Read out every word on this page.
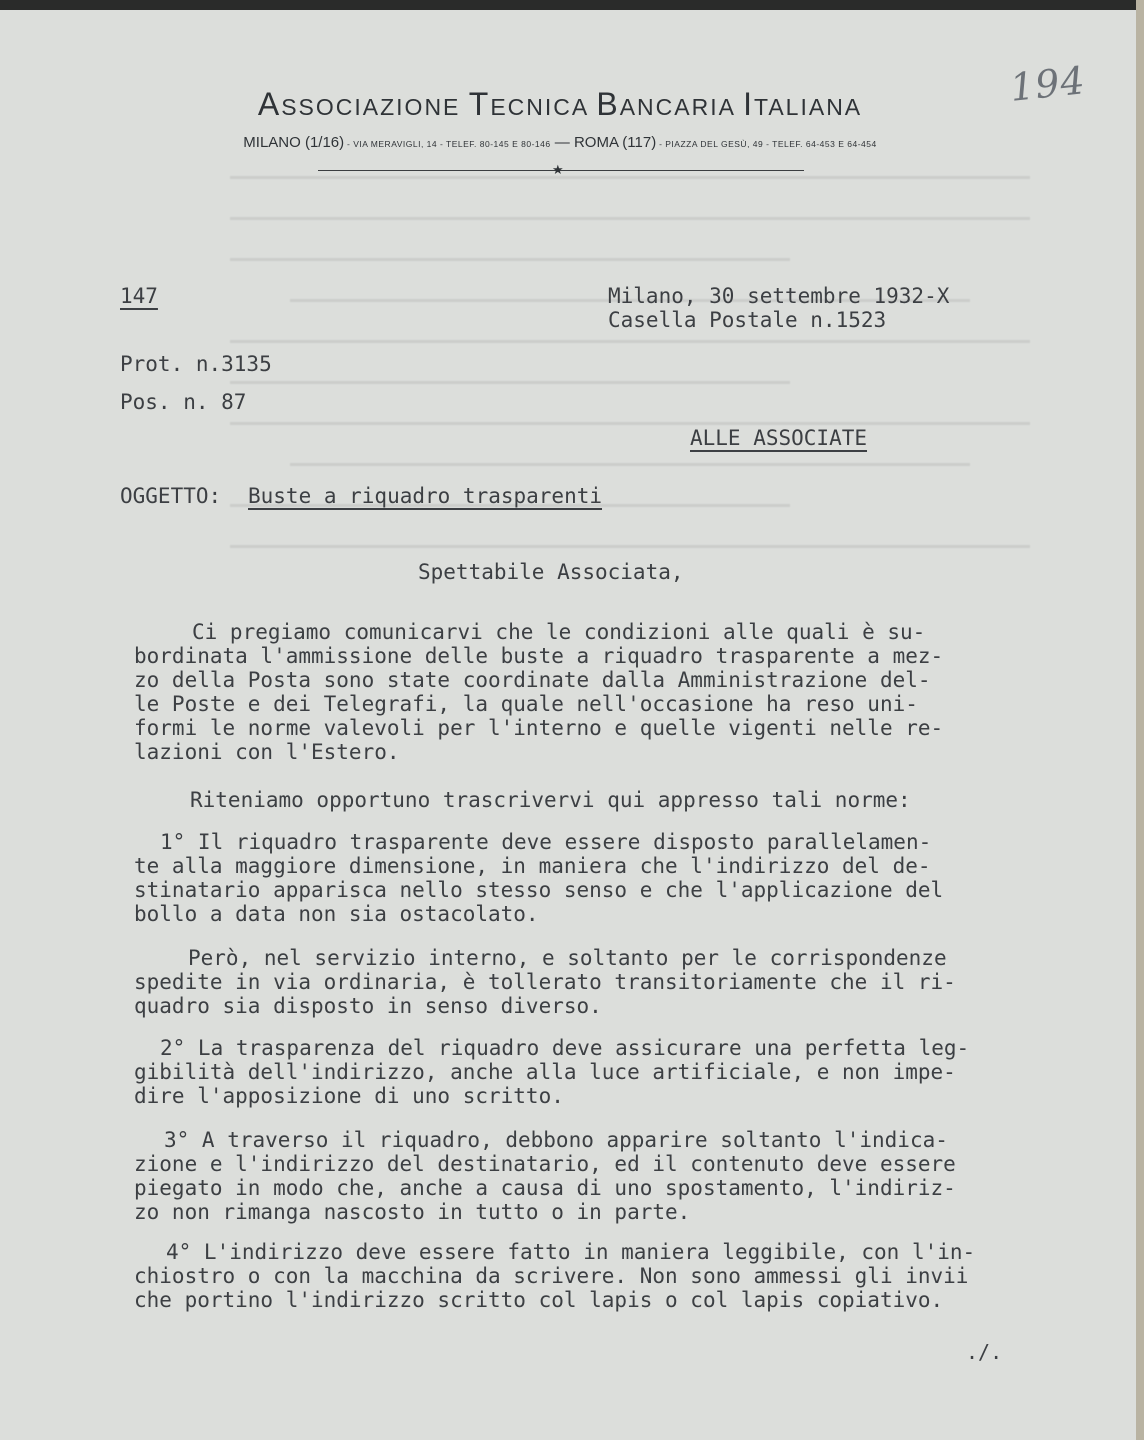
194
ASSOCIAZIONE TECNICA BANCARIA ITALIANA
MILANO (1/16) - VIA MERAVIGLI, 14 - TELEF. 80-145 E 80-146 — ROMA (117) - PIAZZA DEL GESÙ, 49 - TELEF. 64-453 E 64-454
★
147	Milano, 30 settembre 1932-X
Casella Postale n.1523
Prot. n.3135
Pos. n. 87
ALLE ASSOCIATE
OGGETTO: Buste a riquadro trasparenti
Spettabile Associata,
Ci pregiamo comunicarvi che le condizioni alle quali è su-
bordinata l'ammissione delle buste a riquadro trasparente a mez-
zo della Posta sono state coordinate dalla Amministrazione del-
le Poste e dei Telegrafi, la quale nell'occasione ha reso uni-
formi le norme valevoli per l'interno e quelle vigenti nelle re-
lazioni con l'Estero.
Riteniamo opportuno trascrivervi qui appresso tali norme:
1° Il riquadro trasparente deve essere disposto parallelamen-
te alla maggiore dimensione, in maniera che l'indirizzo del de-
stinatario apparisca nello stesso senso e che l'applicazione del
bollo a data non sia ostacolato.
Però, nel servizio interno, e soltanto per le corrispondenze
spedite in via ordinaria, è tollerato transitoriamente che il ri-
quadro sia disposto in senso diverso.
2° La trasparenza del riquadro deve assicurare una perfetta leg-
gibilità dell'indirizzo, anche alla luce artificiale, e non impe-
dire l'apposizione di uno scritto.
3° A traverso il riquadro, debbono apparire soltanto l'indica-
zione e l'indirizzo del destinatario, ed il contenuto deve essere
piegato in modo che, anche a causa di uno spostamento, l'indiriz-
zo non rimanga nascosto in tutto o in parte.
4° L'indirizzo deve essere fatto in maniera leggibile, con l'in-
chiostro o con la macchina da scrivere. Non sono ammessi gli invii
che portino l'indirizzo scritto col lapis o col lapis copiativo.
./.
